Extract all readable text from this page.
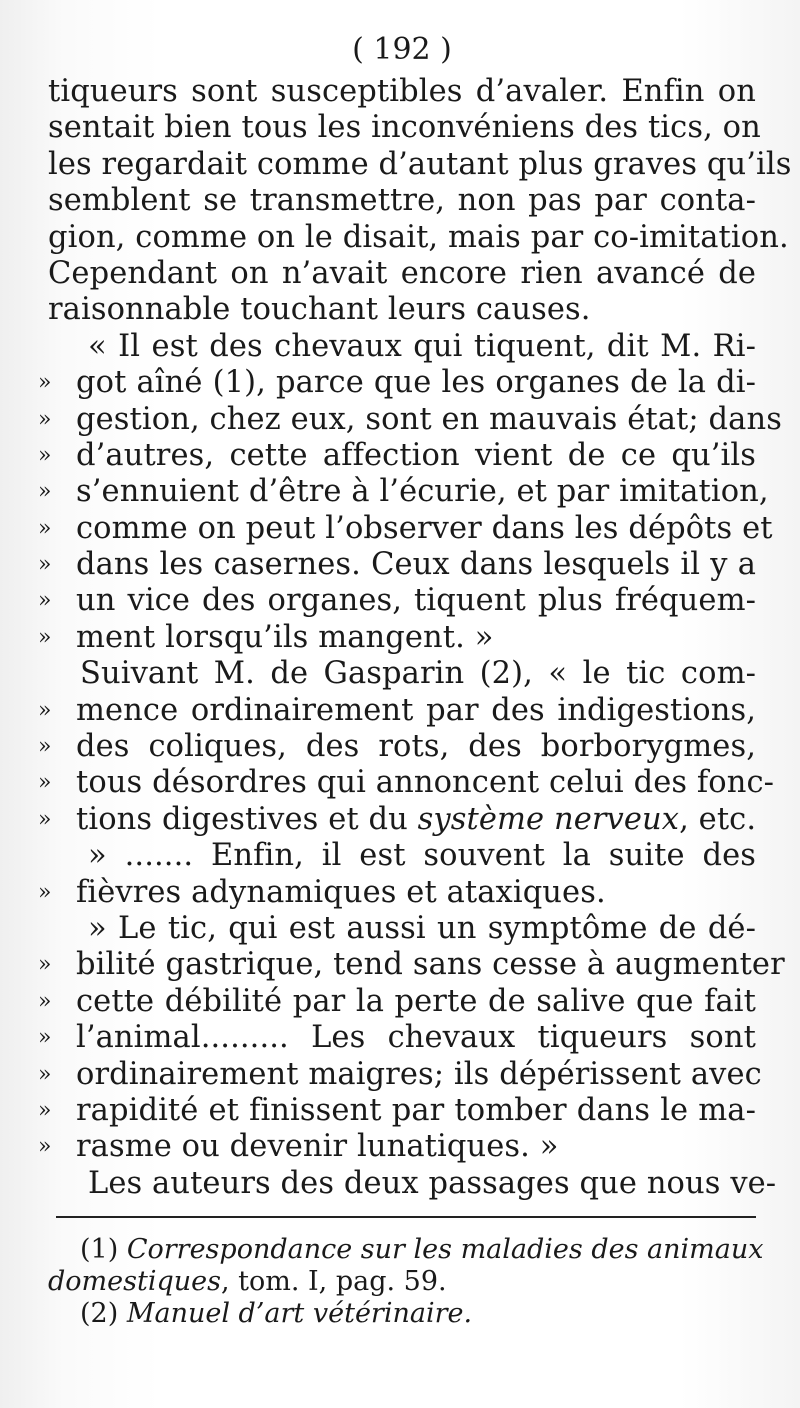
( 192 )
tiqueurs sont susceptibles d’avaler. Enfin on
sentait bien tous les inconvéniens des tics, on
les regardait comme d’autant plus graves qu’ils
semblent se transmettre, non pas par conta-
gion, comme on le disait, mais par co-imitation.
Cependant on n’avait encore rien avancé de
raisonnable touchant leurs causes.
« Il est des chevaux qui tiquent, dit M. Ri-
» got aîné (1), parce que les organes de la di-
» gestion, chez eux, sont en mauvais état; dans
» d’autres, cette affection vient de ce qu’ils
» s’ennuient d’être à l’écurie, et par imitation,
» comme on peut l’observer dans les dépôts et
» dans les casernes. Ceux dans lesquels il y a
» un vice des organes, tiquent plus fréquem-
» ment lorsqu’ils mangent. »
Suivant M. de Gasparin (2), « le tic com-
» mence ordinairement par des indigestions,
» des coliques, des rots, des borborygmes,
» tous désordres qui annoncent celui des fonc-
» tions digestives et du système nerveux, etc.
» ....... Enfin, il est souvent la suite des
» fièvres adynamiques et ataxiques.
» Le tic, qui est aussi un symptôme de dé-
» bilité gastrique, tend sans cesse à augmenter
» cette débilité par la perte de salive que fait
» l’animal......... Les chevaux tiqueurs sont
» ordinairement maigres; ils dépérissent avec
» rapidité et finissent par tomber dans le ma-
» rasme ou devenir lunatiques. »
Les auteurs des deux passages que nous ve-
(1) Correspondance sur les maladies des animaux
domestiques, tom. I, pag. 59.
(2) Manuel d’art vétérinaire.
